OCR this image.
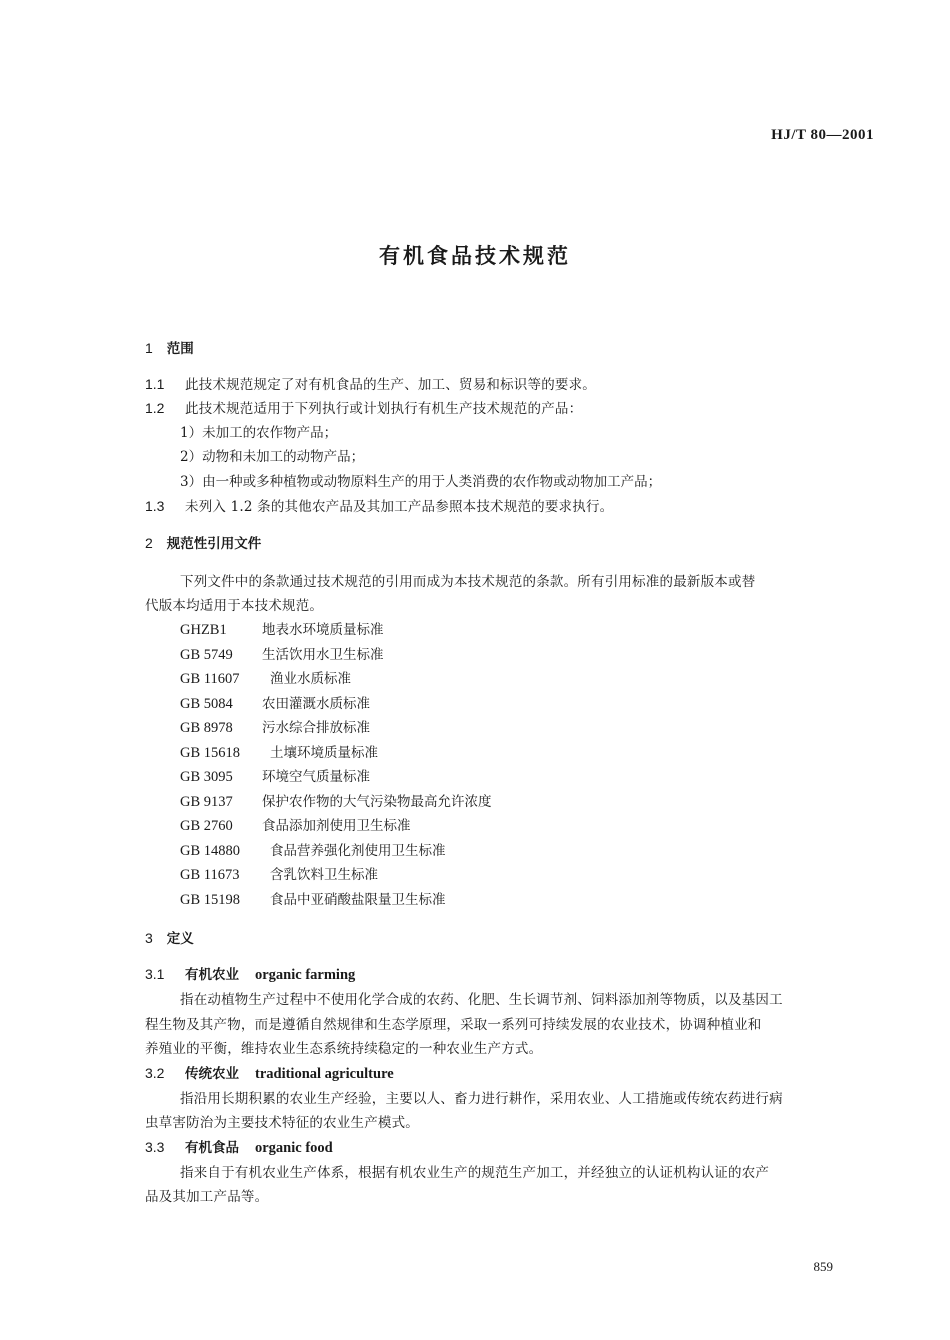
HJ/T 80—2001
有机食品技术规范
1 范围
1.1 此技术规范规定了对有机食品的生产、加工、贸易和标识等的要求。
1.2 此技术规范适用于下列执行或计划执行有机生产技术规范的产品：
1）未加工的农作物产品；
2）动物和未加工的动物产品；
3）由一种或多种植物或动物原料生产的用于人类消费的农作物或动物加工产品；
1.3 未列入 1.2 条的其他农产品及其加工产品参照本技术规范的要求执行。
2 规范性引用文件
下列文件中的条款通过技术规范的引用而成为本技术规范的条款。所有引用标准的最新版本或替
代版本均适用于本技术规范。
GHZB1	地表水环境质量标准
GB 5749 生活饮用水卫生标准
GB 11607 渔业水质标准
GB 5084 农田灌溉水质标准
GB 8978 污水综合排放标准
GB 15618 土壤环境质量标准
GB 3095 环境空气质量标准
GB 9137 保护农作物的大气污染物最高允许浓度
GB 2760 食品添加剂使用卫生标准
GB 14880 食品营养强化剂使用卫生标准
GB 11673 含乳饮料卫生标准
GB 15198 食品中亚硝酸盐限量卫生标准
3 定义
3.1 有机农业 organic farming
指在动植物生产过程中不使用化学合成的农药、化肥、生长调节剂、饲料添加剂等物质，以及基因工
程生物及其产物，而是遵循自然规律和生态学原理，采取一系列可持续发展的农业技术，协调种植业和
养殖业的平衡，维持农业生态系统持续稳定的一种农业生产方式。
3.2 传统农业 traditional agriculture
指沿用长期积累的农业生产经验，主要以人、畜力进行耕作，采用农业、人工措施或传统农药进行病
虫草害防治为主要技术特征的农业生产模式。
3.3 有机食品 organic food
指来自于有机农业生产体系，根据有机农业生产的规范生产加工，并经独立的认证机构认证的农产
品及其加工产品等。
859
